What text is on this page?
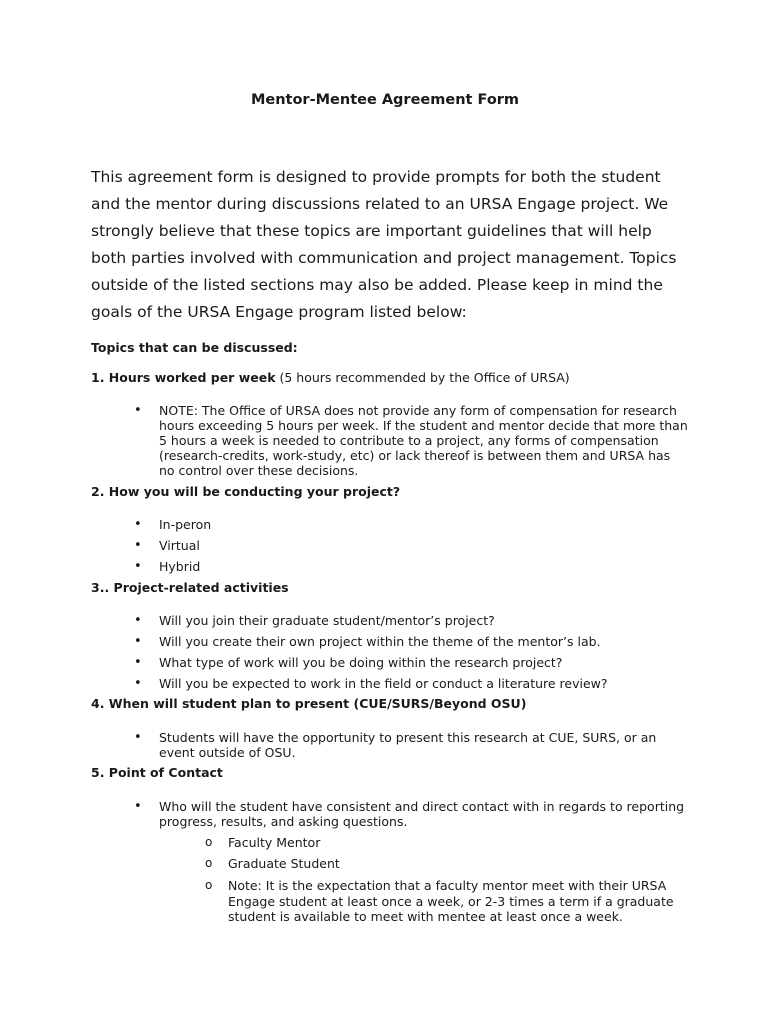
Mentor-Mentee Agreement Form

This agreement form is designed to provide prompts for both the student and the mentor during discussions related to an URSA Engage project. We strongly believe that these topics are important guidelines that will help both parties involved with communication and project management. Topics outside of the listed sections may also be added. Please keep in mind the goals of the URSA Engage program listed below:

Topics that can be discussed:
1. Hours worked per week (5 hours recommended by the Office of URSA)
• NOTE: The Office of URSA does not provide any form of compensation for research hours exceeding 5 hours per week. If the student and mentor decide that more than 5 hours a week is needed to contribute to a project, any forms of compensation (research-credits, work-study, etc) or lack thereof is between them and URSA has no control over these decisions.
2. How you will be conducting your project?
• In-peron
• Virtual
• Hybrid
3.. Project-related activities
• Will you join their graduate student/mentor’s project?
• Will you create their own project within the theme of the mentor’s lab.
• What type of work will you be doing within the research project?
• Will you be expected to work in the field or conduct a literature review?
4. When will student plan to present (CUE/SURS/Beyond OSU)
• Students will have the opportunity to present this research at CUE, SURS, or an event outside of OSU.
5. Point of Contact
• Who will the student have consistent and direct contact with in regards to reporting progress, results, and asking questions.
o Faculty Mentor
o Graduate Student
o Note: It is the expectation that a faculty mentor meet with their URSA Engage student at least once a week, or 2-3 times a term if a graduate student is available to meet with mentee at least once a week.
